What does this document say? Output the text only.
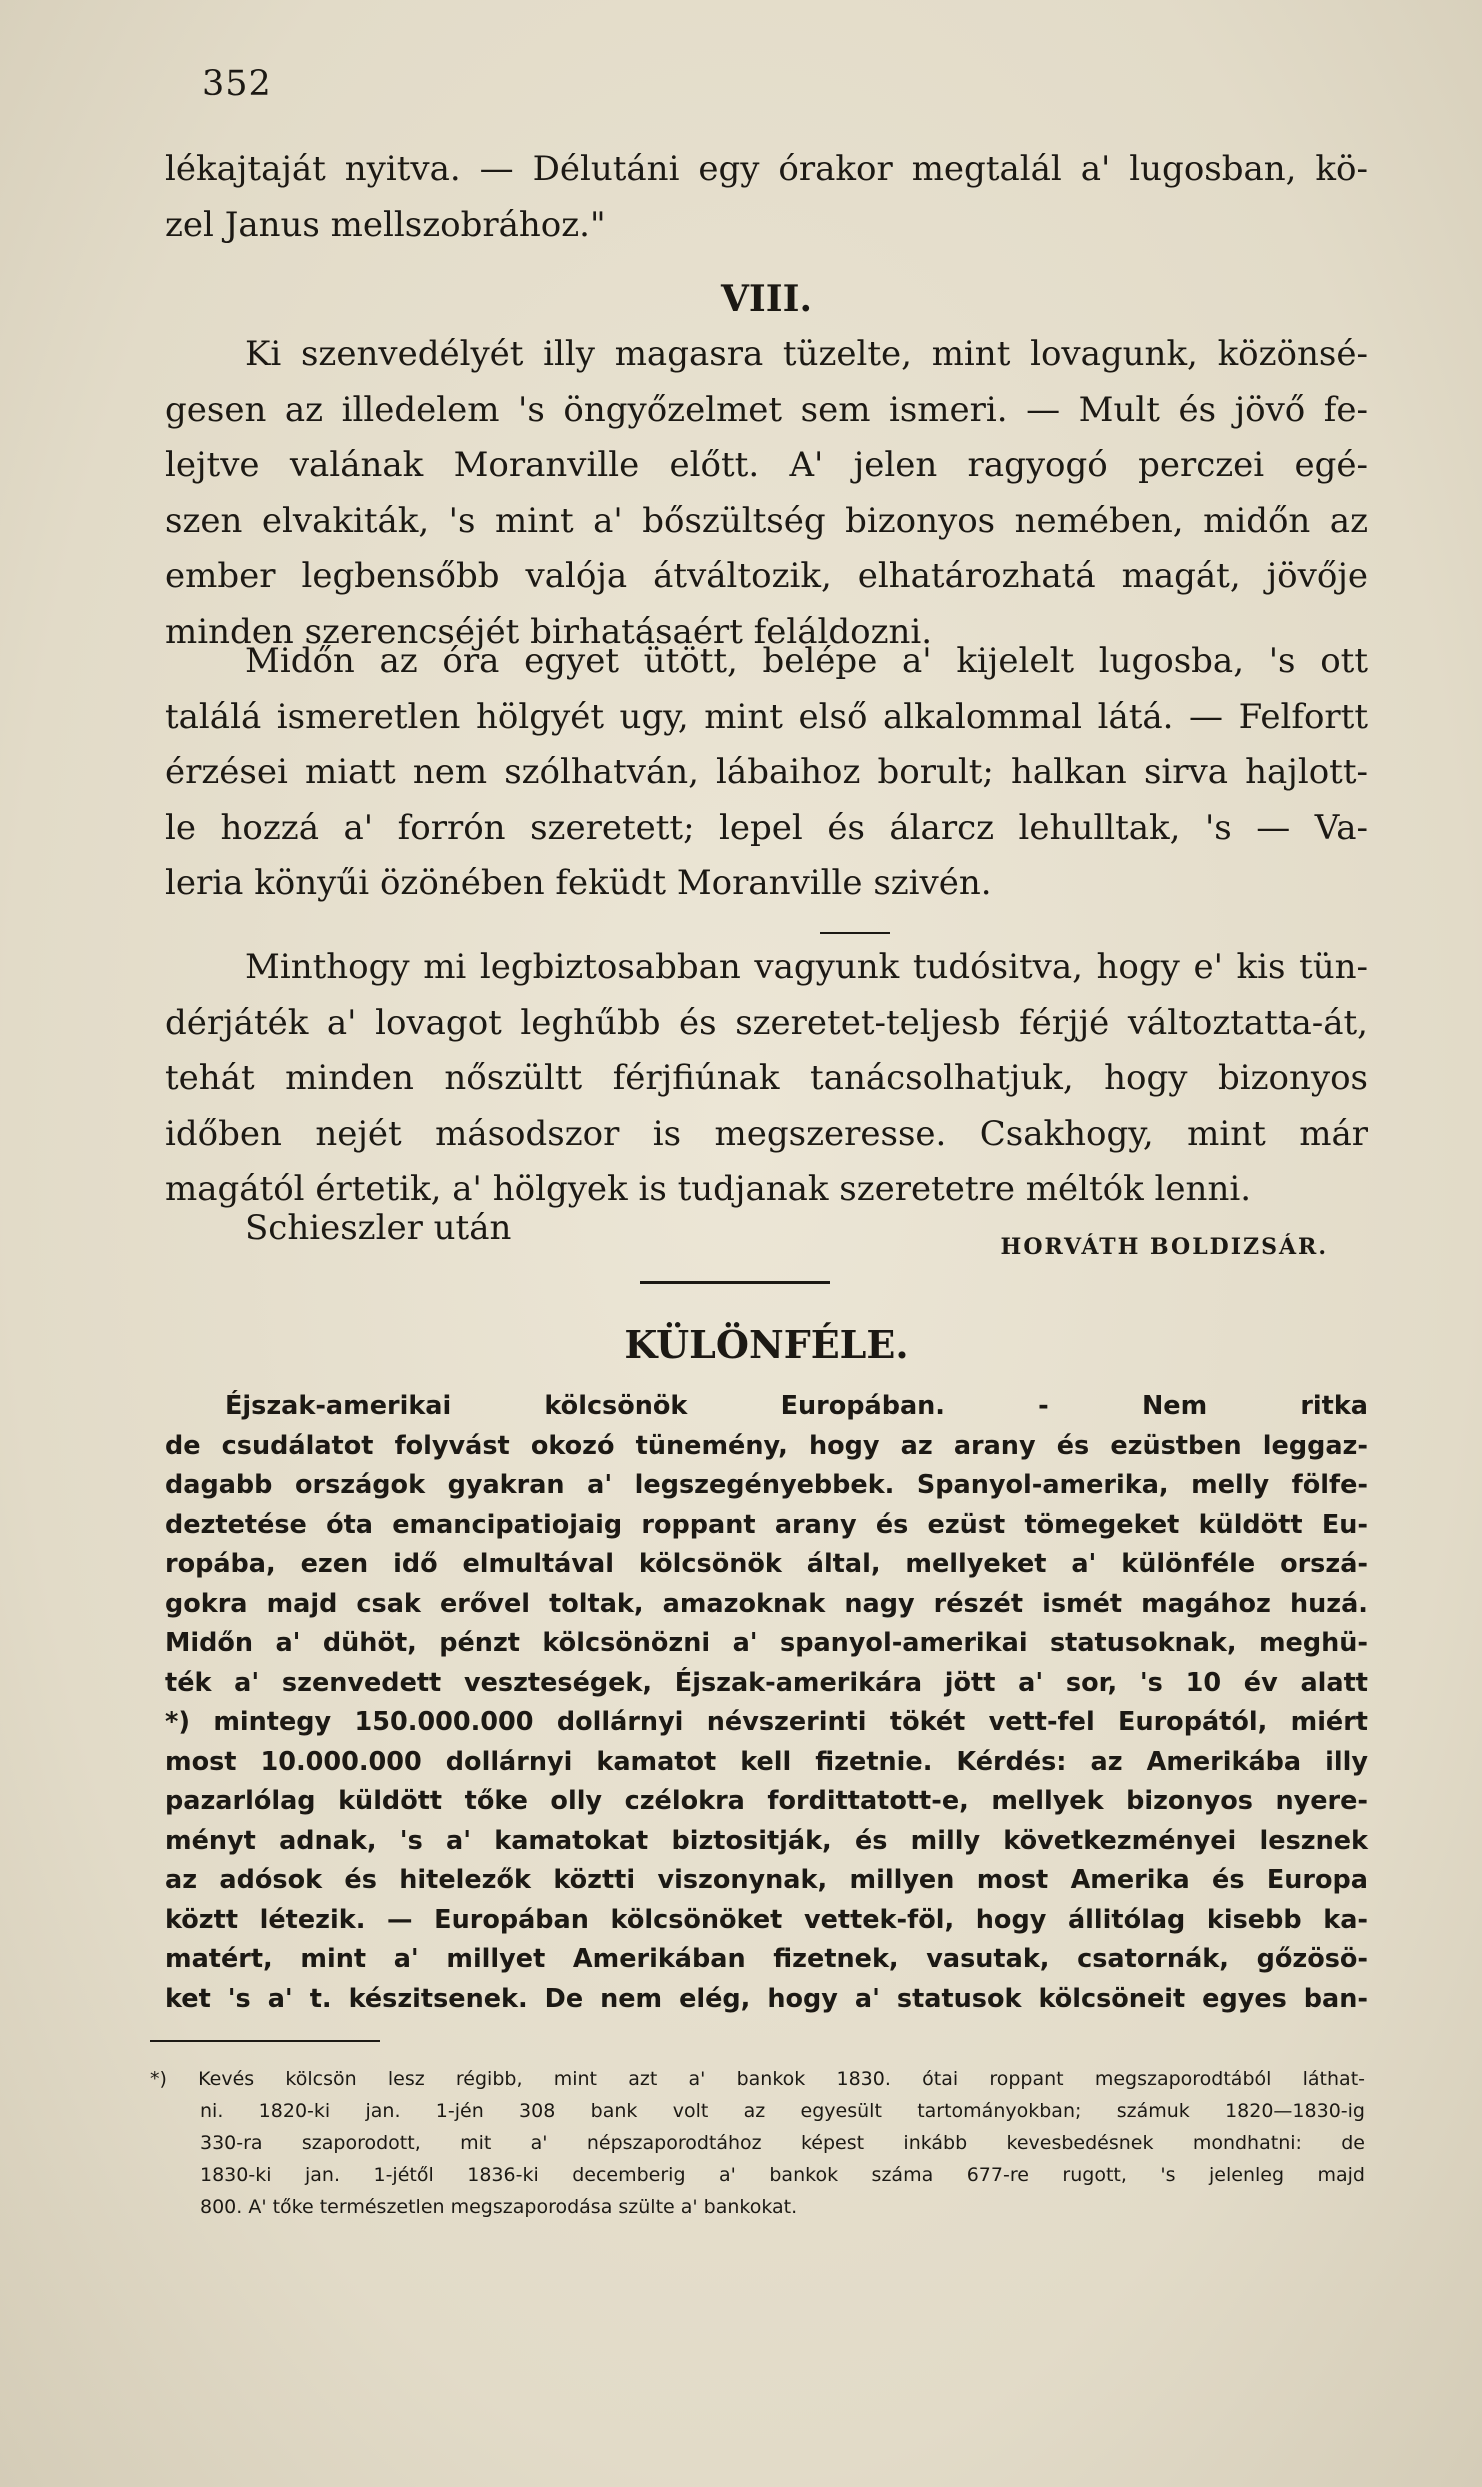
352
lékajtaját nyitva. — Délutáni egy órakor megtalál a' lugosban, kö-
zel Janus mellszobrához."
VIII.
Ki szenvedélyét illy magasra tüzelte, mint lovagunk, közönsé-
gesen az illedelem 's öngyőzelmet sem ismeri. — Mult és jövő fe-
lejtve valának Moranville előtt. A' jelen ragyogó perczei egé-
szen elvakiták, 's mint a' bőszültség bizonyos nemében, midőn az
ember legbensőbb valója átváltozik, elhatározhatá magát, jövője
minden szerencséjét birhatásaért feláldozni.
Midőn az óra egyet ütött, belépe a' kijelelt lugosba, 's ott
találá ismeretlen hölgyét ugy, mint első alkalommal látá. — Felfortt
érzései miatt nem szólhatván, lábaihoz borult; halkan sirva hajlott-
le hozzá a' forrón szeretett; lepel és álarcz lehulltak, 's — Va-
leria könyűi özönében feküdt Moranville szivén.
Minthogy mi legbiztosabban vagyunk tudósitva, hogy e' kis tün-
dérjáték a' lovagot leghűbb és szeretet-teljesb férjjé változtatta-át,
tehát minden nőszültt férjfiúnak tanácsolhatjuk, hogy bizonyos
időben nejét másodszor is megszeresse. Csakhogy, mint már
magától értetik, a' hölgyek is tudjanak szeretetre méltók lenni.
Schieszler után	HORVÁTH BOLDIZSÁR.
KÜLÖNFÉLE.
Éjszak-amerikai kölcsönök Europában. - Nem ritka
de csudálatot folyvást okozó tünemény, hogy az arany és ezüstben leggaz-
dagabb országok gyakran a' legszegényebbek. Spanyol-amerika, melly fölfe-
deztetése óta emancipatiojaig roppant arany és ezüst tömegeket küldött Eu-
ropába, ezen idő elmultával kölcsönök által, mellyeket a' különféle orszá-
gokra majd csak erővel toltak, amazoknak nagy részét ismét magához huzá.
Midőn a' dühöt, pénzt kölcsönözni a' spanyol-amerikai statusoknak, meghü-
ték a' szenvedett veszteségek, Éjszak-amerikára jött a' sor, 's 10 év alatt
*) mintegy 150.000.000 dollárnyi névszerinti tökét vett-fel Europától, miért
most 10.000.000 dollárnyi kamatot kell fizetnie. Kérdés: az Amerikába illy
pazarlólag küldött tőke olly czélokra fordittatott-e, mellyek bizonyos nyere-
ményt adnak, 's a' kamatokat biztositják, és milly következményei lesznek
az adósok és hitelezők köztti viszonynak, millyen most Amerika és Europa
köztt létezik. — Europában kölcsönöket vettek-föl, hogy állitólag kisebb ka-
matért, mint a' millyet Amerikában fizetnek, vasutak, csatornák, gőzösö-
ket 's a' t. készitsenek. De nem elég, hogy a' statusok kölcsöneit egyes ban-
*) Kevés kölcsön lesz régibb, mint azt a' bankok 1830. ótai roppant megszaporodtából láthat-
ni. 1820-ki jan. 1-jén 308 bank volt az egyesült tartományokban; számuk 1820—1830-ig
330-ra szaporodott, mit a' népszaporodtához képest inkább kevesbedésnek mondhatni: de
1830-ki jan. 1-jétől 1836-ki decemberig a' bankok száma 677-re rugott, 's jelenleg majd
800. A' tőke természetlen megszaporodása szülte a' bankokat.
